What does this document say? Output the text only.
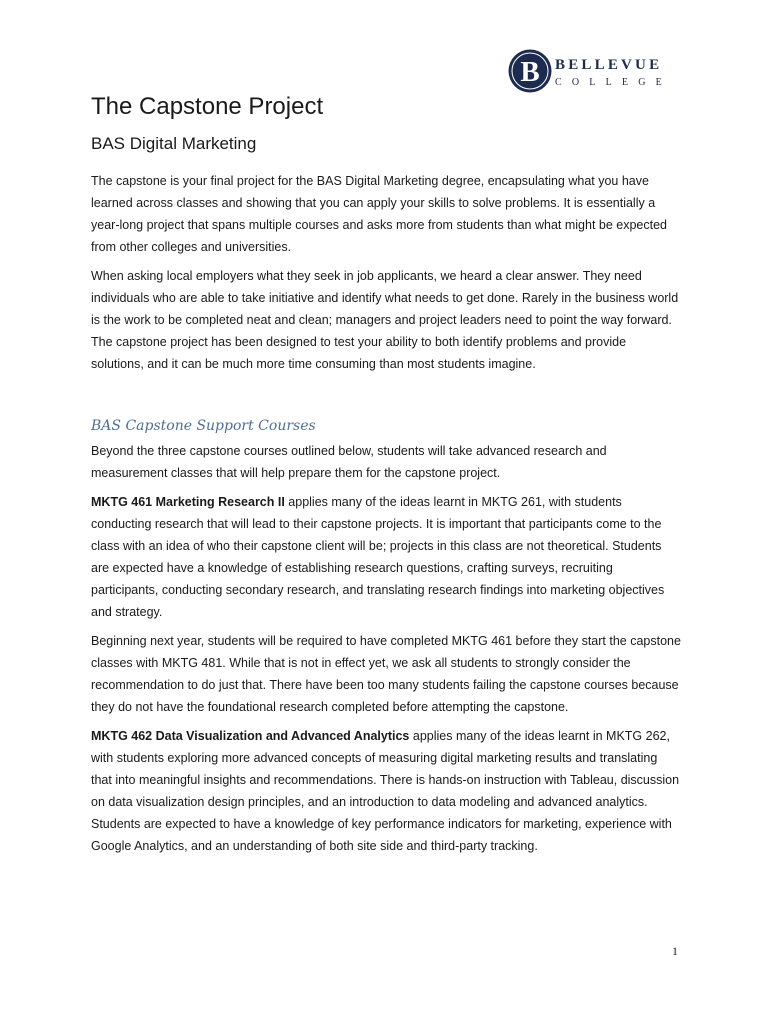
B BELLEVUE
COLLEGE
The Capstone Project
BAS Digital Marketing

The capstone is your final project for the BAS Digital Marketing degree, encapsulating what you have learned across classes and showing that you can apply your skills to solve problems. It is essentially a year-long project that spans multiple courses and asks more from students than what might be expected from other colleges and universities.

When asking local employers what they seek in job applicants, we heard a clear answer. They need individuals who are able to take initiative and identify what needs to get done. Rarely in the business world is the work to be completed neat and clean; managers and project leaders need to point the way forward. The capstone project has been designed to test your ability to both identify problems and provide solutions, and it can be much more time consuming than most students imagine.

BAS Capstone Support Courses

Beyond the three capstone courses outlined below, students will take advanced research and measurement classes that will help prepare them for the capstone project.

MKTG 461 Marketing Research II applies many of the ideas learnt in MKTG 261, with students conducting research that will lead to their capstone projects. It is important that participants come to the class with an idea of who their capstone client will be; projects in this class are not theoretical. Students are expected have a knowledge of establishing research questions, crafting surveys, recruiting participants, conducting secondary research, and translating research findings into marketing objectives and strategy.

Beginning next year, students will be required to have completed MKTG 461 before they start the capstone classes with MKTG 481. While that is not in effect yet, we ask all students to strongly consider the recommendation to do just that. There have been too many students failing the capstone courses because they do not have the foundational research completed before attempting the capstone.

MKTG 462 Data Visualization and Advanced Analytics applies many of the ideas learnt in MKTG 262, with students exploring more advanced concepts of measuring digital marketing results and translating that into meaningful insights and recommendations. There is hands-on instruction with Tableau, discussion on data visualization design principles, and an introduction to data modeling and advanced analytics. Students are expected to have a knowledge of key performance indicators for marketing, experience with Google Analytics, and an understanding of both site side and third-party tracking.

1
